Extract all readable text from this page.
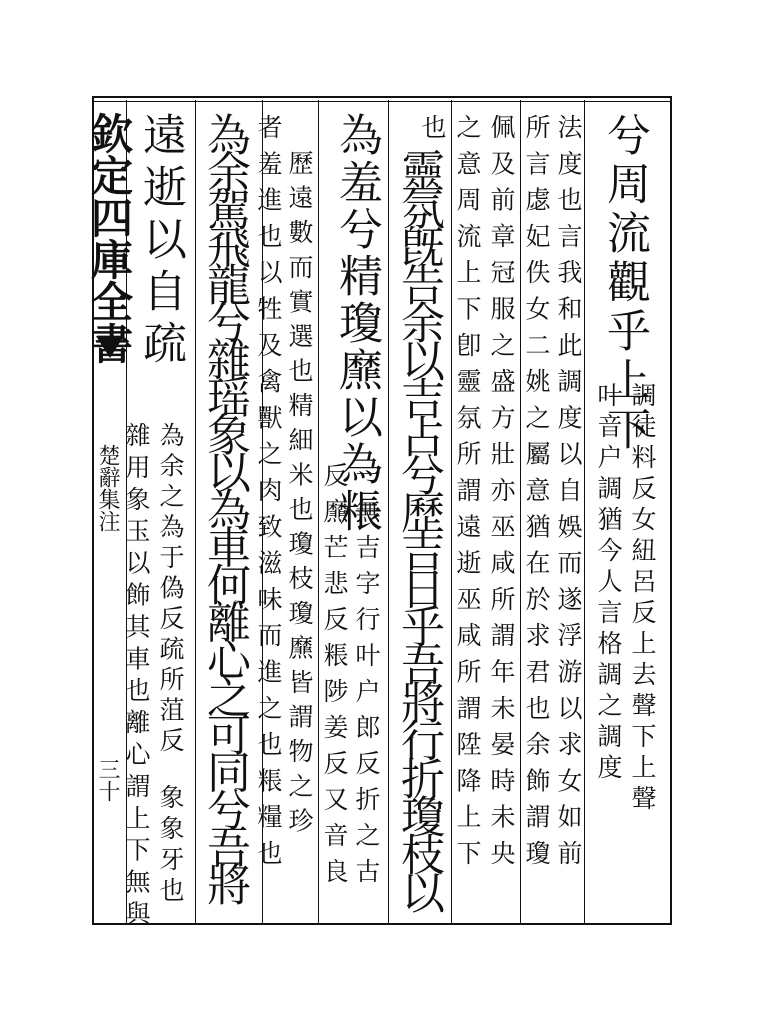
欽定四庫全書
楚辭集注
三十
兮周流觀乎上下
調徒料反女紐呂反上去聲下上聲
叶音户調猶今人言格調之調度
法度也言我和此調度以自娛而遂浮游以求女如前
所言虙妃佚女二姚之屬意猶在於求君也余飾謂瓊
佩及前章冠服之盛方壯亦巫咸所謂年未晏時未央
之意周流上下卽靈氛所謂遠逝巫咸所謂陞降上下
也
靈氛旣告余以吉占兮歷吉日乎吾將行折瓊枝以
為羞兮精瓊爢以為粻
一無吉字行叶户郎反折之古
反爢芒悲反粻陟姜反又音良
歷遠數而實選也精細米也瓊枝瓊爢皆謂物之珍
者羞進也以牲及禽獸之肉致滋味而進之也粻糧也
為余駕飛龍兮雜瑶象以為車何離心之可同兮吾將
遠逝以自疏
為余之為于偽反疏所菹反
雜用象玉以飾其車也離心謂上下無與 象象牙也
